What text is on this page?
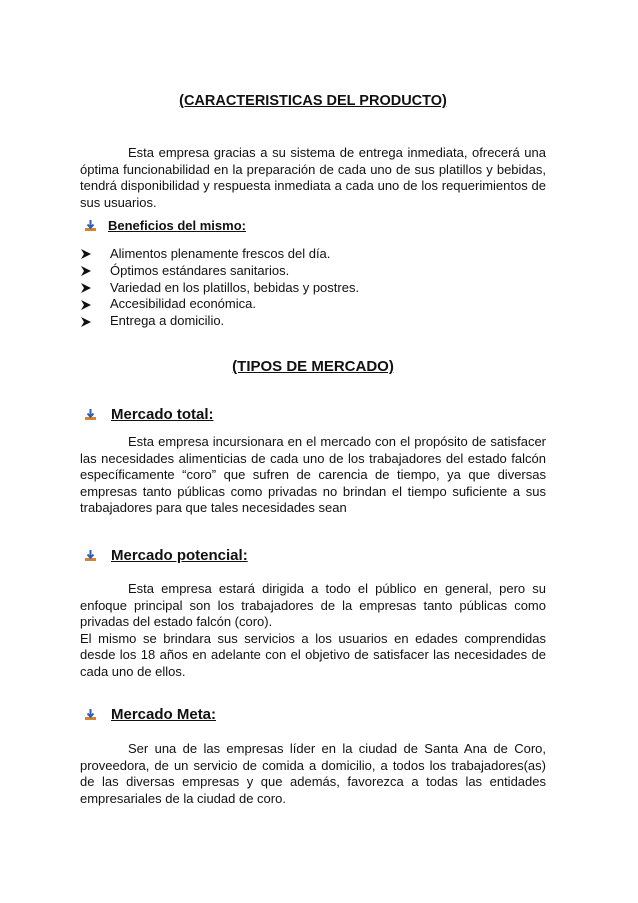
(CARACTERISTICAS DEL PRODUCTO)

Esta empresa gracias a su sistema de entrega inmediata, ofrecerá una óptima funcionabilidad en la preparación de cada uno de sus platillos y bebidas, tendrá disponibilidad y respuesta inmediata a cada uno de los requerimientos de sus usuarios.

Beneficios del mismo:
Alimentos plenamente frescos del día.
Óptimos estándares sanitarios.
Variedad en los platillos, bebidas y postres.
Accesibilidad económica.
Entrega a domicilio.
(TIPOS DE MERCADO)
Mercado total:

Esta empresa incursionara en el mercado con el propósito de satisfacer las necesidades alimenticias de cada uno de los trabajadores del estado falcón específicamente “coro” que sufren de carencia de tiempo, ya que diversas empresas tanto públicas como privadas no brindan el tiempo suficiente a sus trabajadores para que tales necesidades sean

Mercado potencial:

Esta empresa estará dirigida a todo el público en general, pero su enfoque principal son los trabajadores de la empresas tanto públicas como privadas del estado falcón (coro).
El mismo se brindara sus servicios a los usuarios en edades comprendidas desde los 18 años en adelante con el objetivo de satisfacer las necesidades de cada uno de ellos.

Mercado Meta:

Ser una de las empresas líder en la ciudad de Santa Ana de Coro, proveedora, de un servicio de comida a domicilio, a todos los trabajadores(as) de las diversas empresas y que además, favorezca a todas las entidades empresariales de la ciudad de coro.
